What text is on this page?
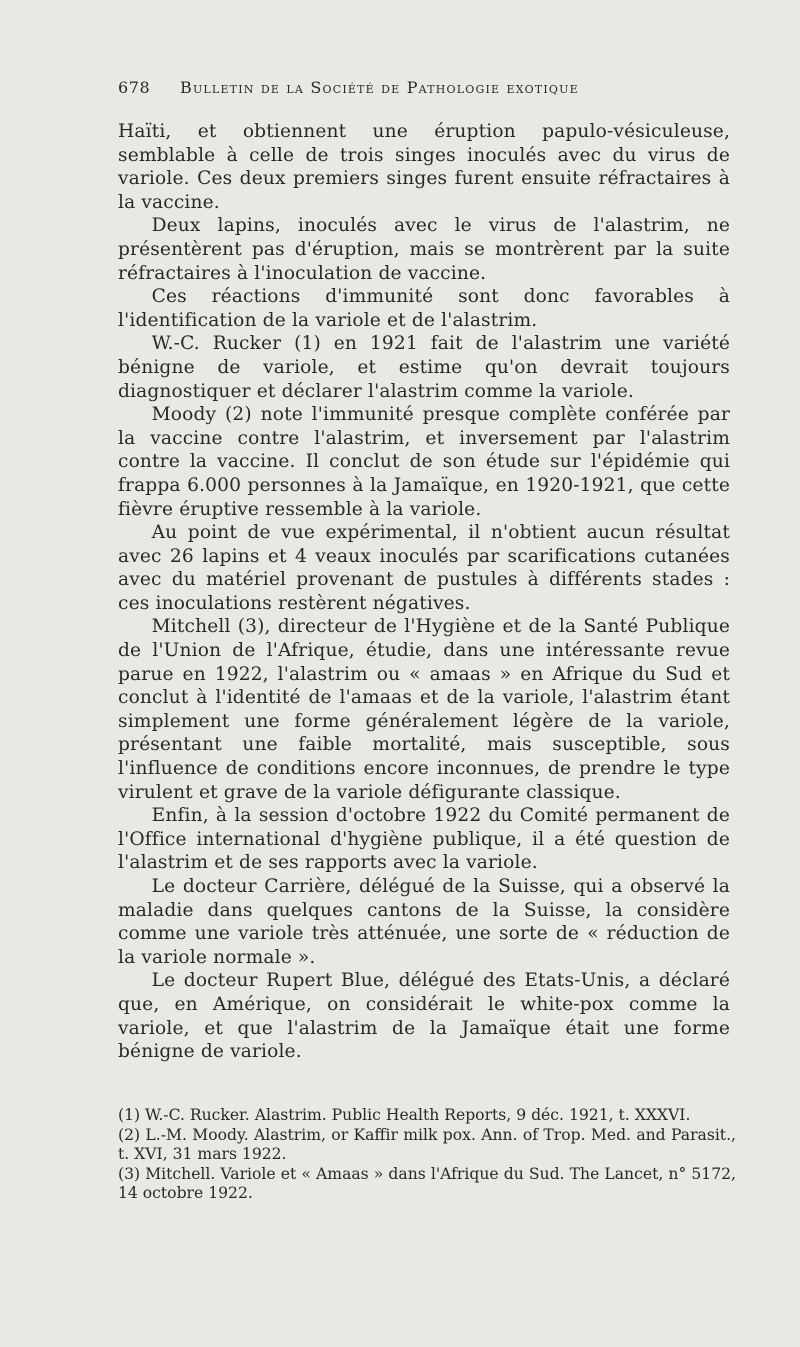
678 Bulletin de la Société de Pathologie exotique

Haïti, et obtiennent une éruption papulo-vésiculeuse, semblable à celle de trois singes inoculés avec du virus de variole. Ces deux premiers singes furent ensuite réfractaires à la vaccine.

Deux lapins, inoculés avec le virus de l'alastrim, ne présentèrent pas d'éruption, mais se montrèrent par la suite réfractaires à l'inoculation de vaccine.

Ces réactions d'immunité sont donc favorables à l'identification de la variole et de l'alastrim.

W.-C. Rucker (1) en 1921 fait de l'alastrim une variété bénigne de variole, et estime qu'on devrait toujours diagnostiquer et déclarer l'alastrim comme la variole.

Moody (2) note l'immunité presque complète conférée par la vaccine contre l'alastrim, et inversement par l'alastrim contre la vaccine. Il conclut de son étude sur l'épidémie qui frappa 6.000 personnes à la Jamaïque, en 1920-1921, que cette fièvre éruptive ressemble à la variole.

Au point de vue expérimental, il n'obtient aucun résultat avec 26 lapins et 4 veaux inoculés par scarifications cutanées avec du matériel provenant de pustules à différents stades : ces inoculations restèrent négatives.

Mitchell (3), directeur de l'Hygiène et de la Santé Publique de l'Union de l'Afrique, étudie, dans une intéressante revue parue en 1922, l'alastrim ou « amaas » en Afrique du Sud et conclut à l'identité de l'amaas et de la variole, l'alastrim étant simplement une forme généralement légère de la variole, présentant une faible mortalité, mais susceptible, sous l'influence de conditions encore inconnues, de prendre le type virulent et grave de la variole défigurante classique.

Enfin, à la session d'octobre 1922 du Comité permanent de l'Office international d'hygiène publique, il a été question de l'alastrim et de ses rapports avec la variole.

Le docteur Carrière, délégué de la Suisse, qui a observé la maladie dans quelques cantons de la Suisse, la considère comme une variole très atténuée, une sorte de « réduction de la variole normale ».

Le docteur Rupert Blue, délégué des Etats-Unis, a déclaré que, en Amérique, on considérait le white-pox comme la variole, et que l'alastrim de la Jamaïque était une forme bénigne de variole.

(1) W.-C. Rucker. Alastrim. Public Health Reports, 9 déc. 1921, t. XXXVI.

(2) L.-M. Moody. Alastrim, or Kaffir milk pox. Ann. of Trop. Med. and Parasit., t. XVI, 31 mars 1922.

(3) Mitchell. Variole et « Amaas » dans l'Afrique du Sud. The Lancet, n° 5172, 14 octobre 1922.
